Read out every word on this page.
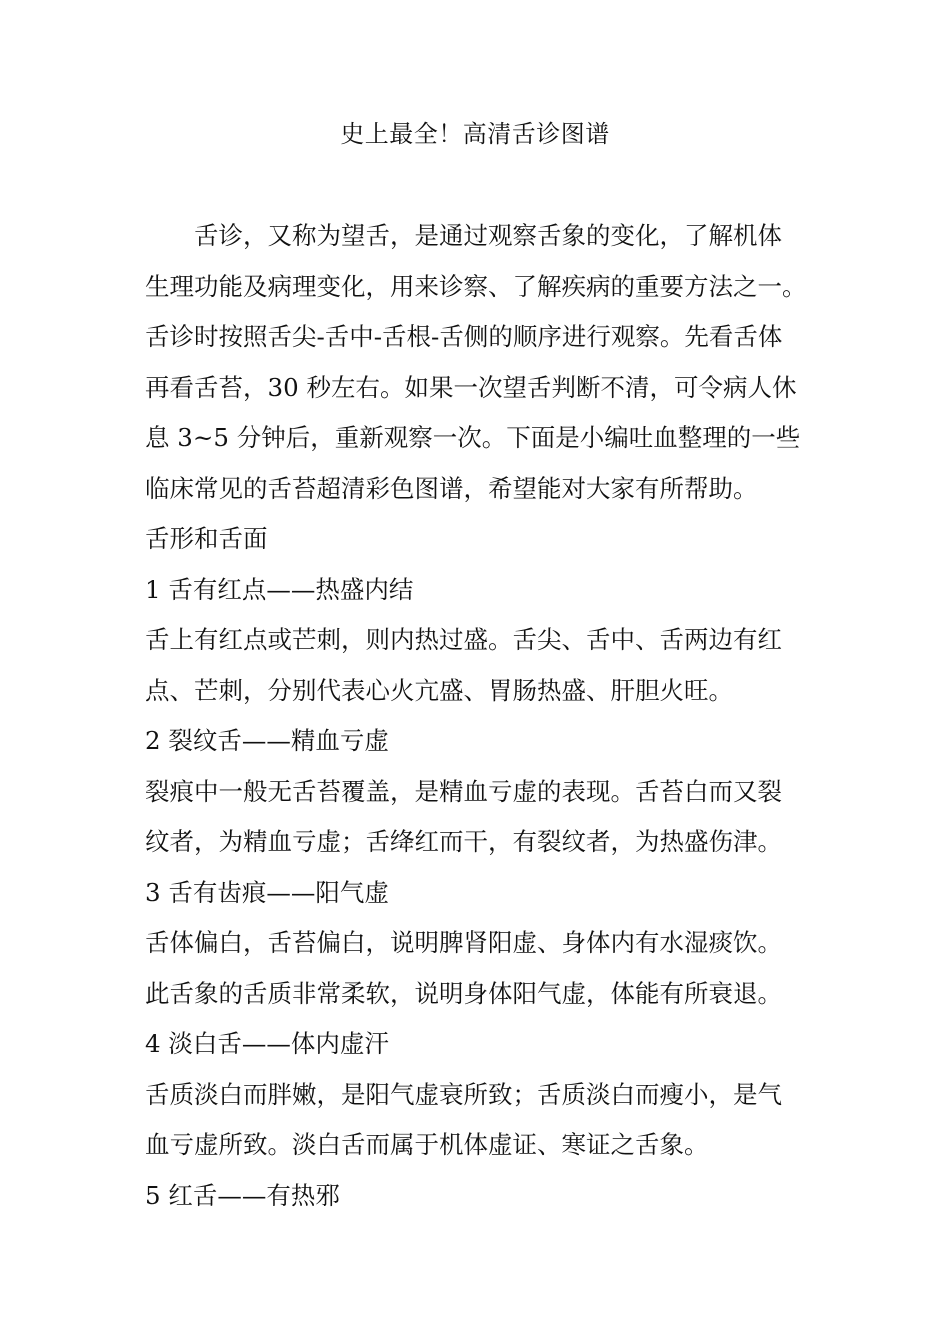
史上最全！高清舌诊图谱
舌诊，又称为望舌，是通过观察舌象的变化，了解机体
生理功能及病理变化，用来诊察、了解疾病的重要方法之一。
舌诊时按照舌尖-舌中-舌根-舌侧的顺序进行观察。先看舌体
再看舌苔，30 秒左右。如果一次望舌判断不清，可令病人休
息 3~5 分钟后，重新观察一次。下面是小编吐血整理的一些
临床常见的舌苔超清彩色图谱，希望能对大家有所帮助。
舌形和舌面
1 舌有红点——热盛内结
舌上有红点或芒刺，则内热过盛。舌尖、舌中、舌两边有红
点、芒刺，分别代表心火亢盛、胃肠热盛、肝胆火旺。
2 裂纹舌——精血亏虚
裂痕中一般无舌苔覆盖，是精血亏虚的表现。舌苔白而又裂
纹者，为精血亏虚；舌绛红而干，有裂纹者，为热盛伤津。
3 舌有齿痕——阳气虚
舌体偏白，舌苔偏白，说明脾肾阳虚、身体内有水湿痰饮。
此舌象的舌质非常柔软，说明身体阳气虚，体能有所衰退。
4 淡白舌——体内虚汗
舌质淡白而胖嫩，是阳气虚衰所致；舌质淡白而瘦小，是气
血亏虚所致。淡白舌而属于机体虚证、寒证之舌象。
5 红舌——有热邪
